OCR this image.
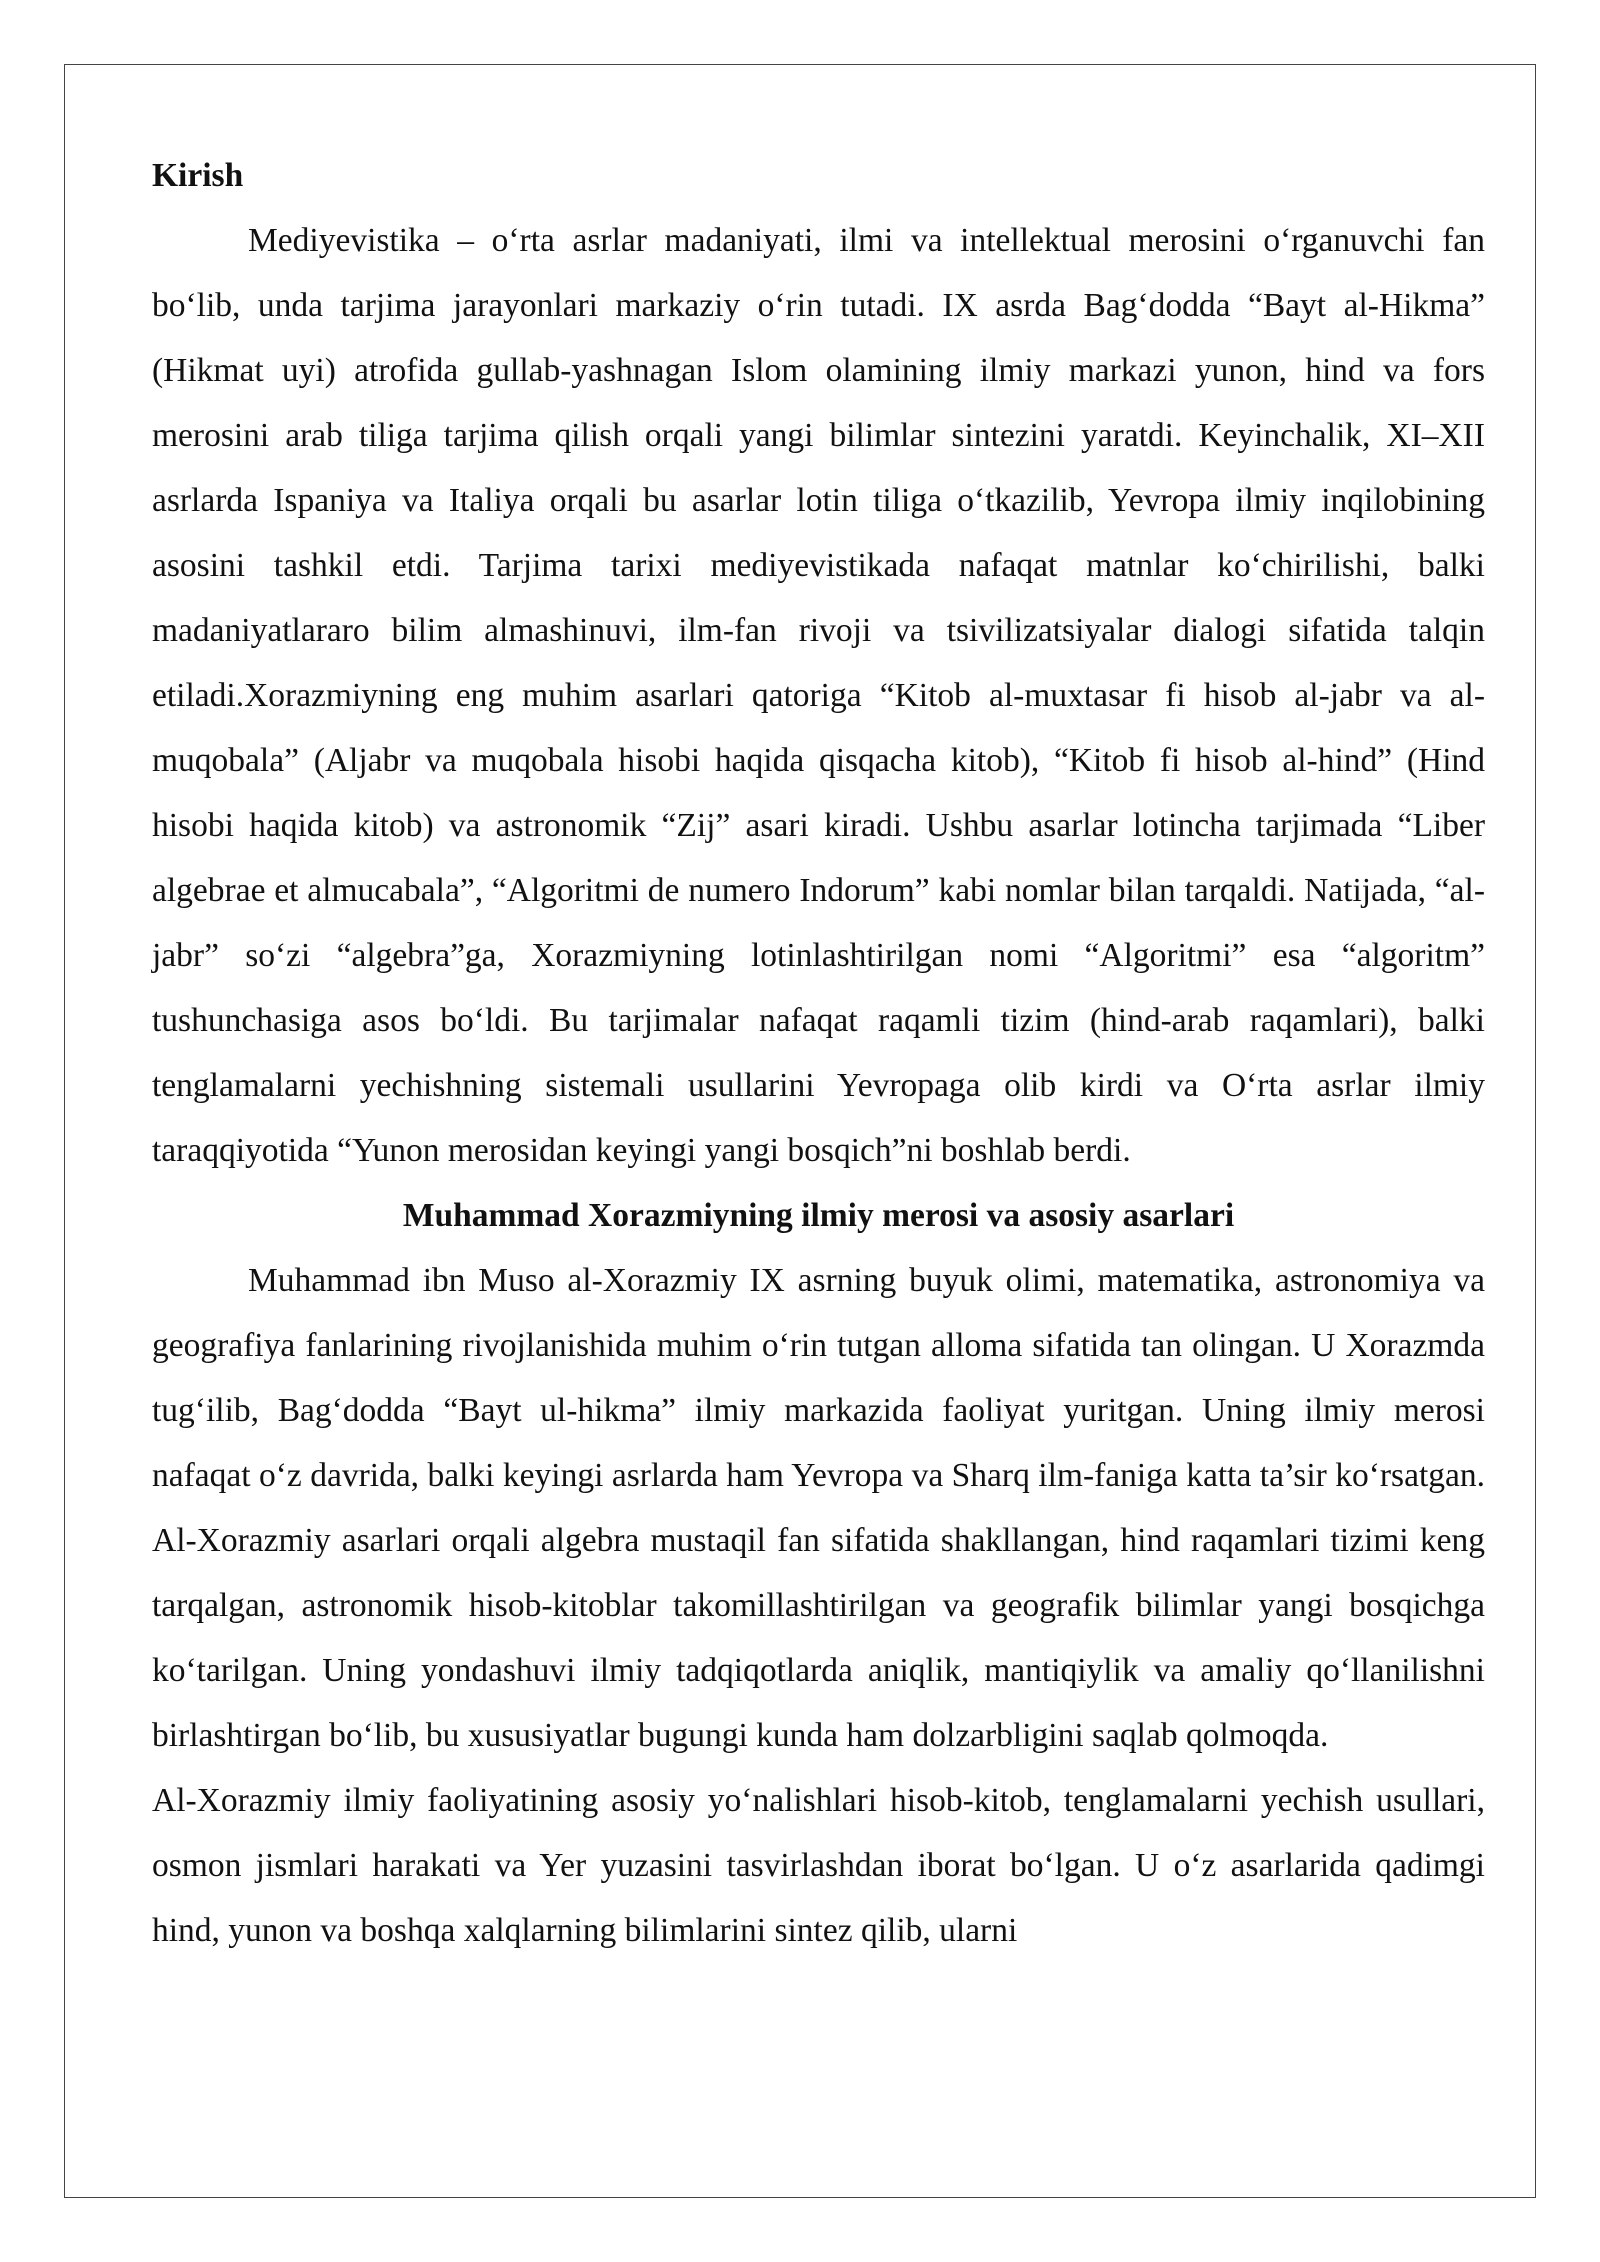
Kirish

Mediyevistika – o‘rta asrlar madaniyati, ilmi va intellektual merosini o‘rganuvchi fan bo‘lib, unda tarjima jarayonlari markaziy o‘rin tutadi. IX asrda Bag‘dodda “Bayt al-Hikma” (Hikmat uyi) atrofida gullab-yashnagan Islom olamining ilmiy markazi yunon, hind va fors merosini arab tiliga tarjima qilish orqali yangi bilimlar sintezini yaratdi. Keyinchalik, XI–XII asrlarda Ispaniya va Italiya orqali bu asarlar lotin tiliga o‘tkazilib, Yevropa ilmiy inqilobining asosini tashkil etdi. Tarjima tarixi mediyevistikada nafaqat matnlar ko‘chirilishi, balki madaniyatlararo bilim almashinuvi, ilm-fan rivoji va tsivilizatsiyalar dialogi sifatida talqin etiladi.Xorazmiyning eng muhim asarlari qatoriga “Kitob al-muxtasar fi hisob al-jabr va al-muqobala” (Aljabr va muqobala hisobi haqida qisqacha kitob), “Kitob fi hisob al-hind” (Hind hisobi haqida kitob) va astronomik “Zij” asari kiradi. Ushbu asarlar lotincha tarjimada “Liber algebrae et almucabala”, “Algoritmi de numero Indorum” kabi nomlar bilan tarqaldi. Natijada, “al-jabr” so‘zi “algebra”ga, Xorazmiyning lotinlashtirilgan nomi “Algoritmi” esa “algoritm” tushunchasiga asos bo‘ldi. Bu tarjimalar nafaqat raqamli tizim (hind-arab raqamlari), balki tenglamalarni yechishning sistemali usullarini Yevropaga olib kirdi va O‘rta asrlar ilmiy taraqqiyotida “Yunon merosidan keyingi yangi bosqich”ni boshlab berdi.

Muhammad Xorazmiyning ilmiy merosi va asosiy asarlari

Muhammad ibn Muso al-Xorazmiy IX asrning buyuk olimi, matematika, astronomiya va geografiya fanlarining rivojlanishida muhim o‘rin tutgan alloma sifatida tan olingan. U Xorazmda tug‘ilib, Bag‘dodda “Bayt ul-hikma” ilmiy markazida faoliyat yuritgan. Uning ilmiy merosi nafaqat o‘z davrida, balki keyingi asrlarda ham Yevropa va Sharq ilm-faniga katta ta’sir ko‘rsatgan. Al-Xorazmiy asarlari orqali algebra mustaqil fan sifatida shakllangan, hind raqamlari tizimi keng tarqalgan, astronomik hisob-kitoblar takomillashtirilgan va geografik bilimlar yangi bosqichga ko‘tarilgan. Uning yondashuvi ilmiy tadqiqotlarda aniqlik, mantiqiylik va amaliy qo‘llanilishni birlashtirgan bo‘lib, bu xususiyatlar bugungi kunda ham dolzarbligini saqlab qolmoqda.

Al-Xorazmiy ilmiy faoliyatining asosiy yo‘nalishlari hisob-kitob, tenglamalarni yechish usullari, osmon jismlari harakati va Yer yuzasini tasvirlashdan iborat bo‘lgan. U o‘z asarlarida qadimgi hind, yunon va boshqa xalqlarning bilimlarini sintez qilib, ularni
